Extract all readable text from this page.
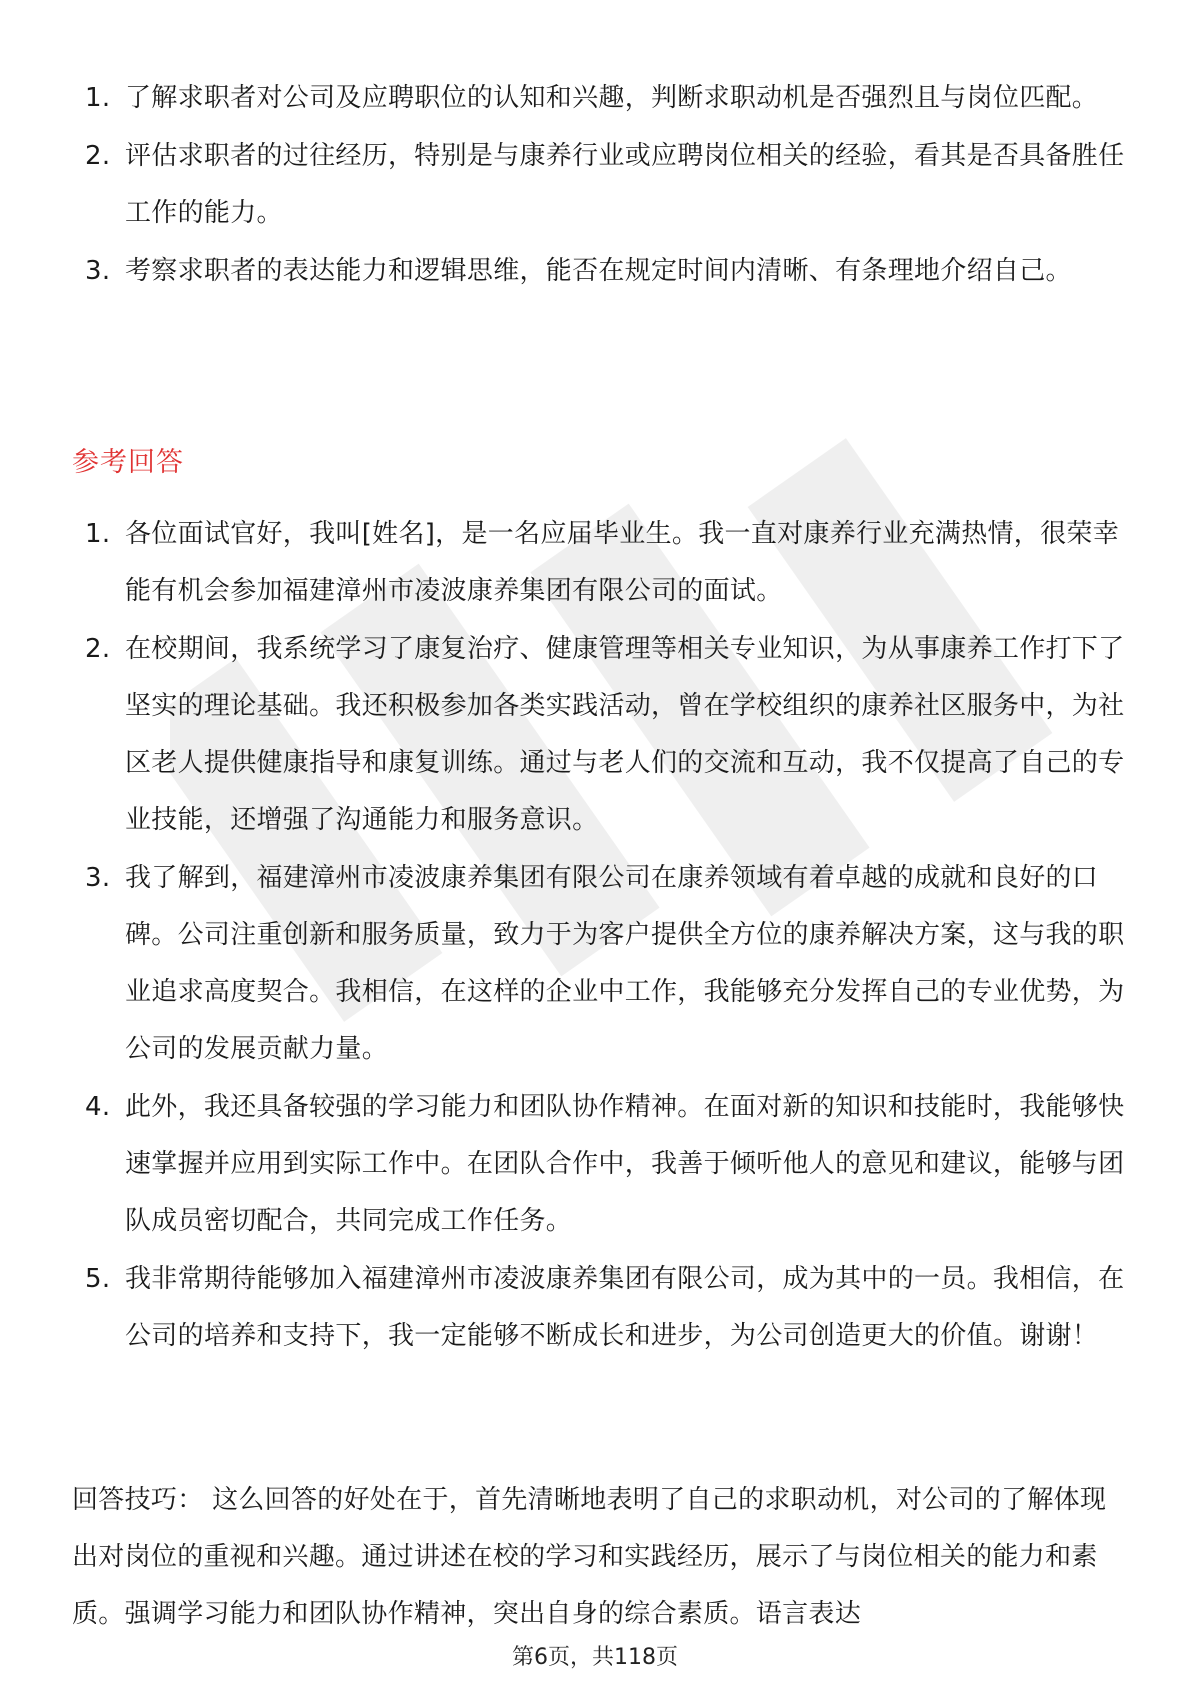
1. 了解求职者对公司及应聘职位的认知和兴趣，判断求职动机是否强烈且与岗位匹配。
2. 评估求职者的过往经历，特别是与康养行业或应聘岗位相关的经验，看其是否具备胜任工作的能力。
3. 考察求职者的表达能力和逻辑思维，能否在规定时间内清晰、有条理地介绍自己。
参考回答
1. 各位面试官好，我叫[姓名]，是一名应届毕业生。我一直对康养行业充满热情，很荣幸能有机会参加福建漳州市凌波康养集团有限公司的面试。
2. 在校期间，我系统学习了康复治疗、健康管理等相关专业知识，为从事康养工作打下了坚实的理论基础。我还积极参加各类实践活动，曾在学校组织的康养社区服务中，为社区老人提供健康指导和康复训练。通过与老人们的交流和互动，我不仅提高了自己的专业技能，还增强了沟通能力和服务意识。
3. 我了解到，福建漳州市凌波康养集团有限公司在康养领域有着卓越的成就和良好的口碑。公司注重创新和服务质量，致力于为客户提供全方位的康养解决方案，这与我的职业追求高度契合。我相信，在这样的企业中工作，我能够充分发挥自己的专业优势，为公司的发展贡献力量。
4. 此外，我还具备较强的学习能力和团队协作精神。在面对新的知识和技能时，我能够快速掌握并应用到实际工作中。在团队合作中，我善于倾听他人的意见和建议，能够与团队成员密切配合，共同完成工作任务。
5. 我非常期待能够加入福建漳州市凌波康养集团有限公司，成为其中的一员。我相信，在公司的培养和支持下，我一定能够不断成长和进步，为公司创造更大的价值。谢谢！

回答技巧： 这么回答的好处在于，首先清晰地表明了自己的求职动机，对公司的了解体现出对岗位的重视和兴趣。通过讲述在校的学习和实践经历，展示了与岗位相关的能力和素质。强调学习能力和团队协作精神，突出自身的综合素质。语言表达

第6页，共118页
